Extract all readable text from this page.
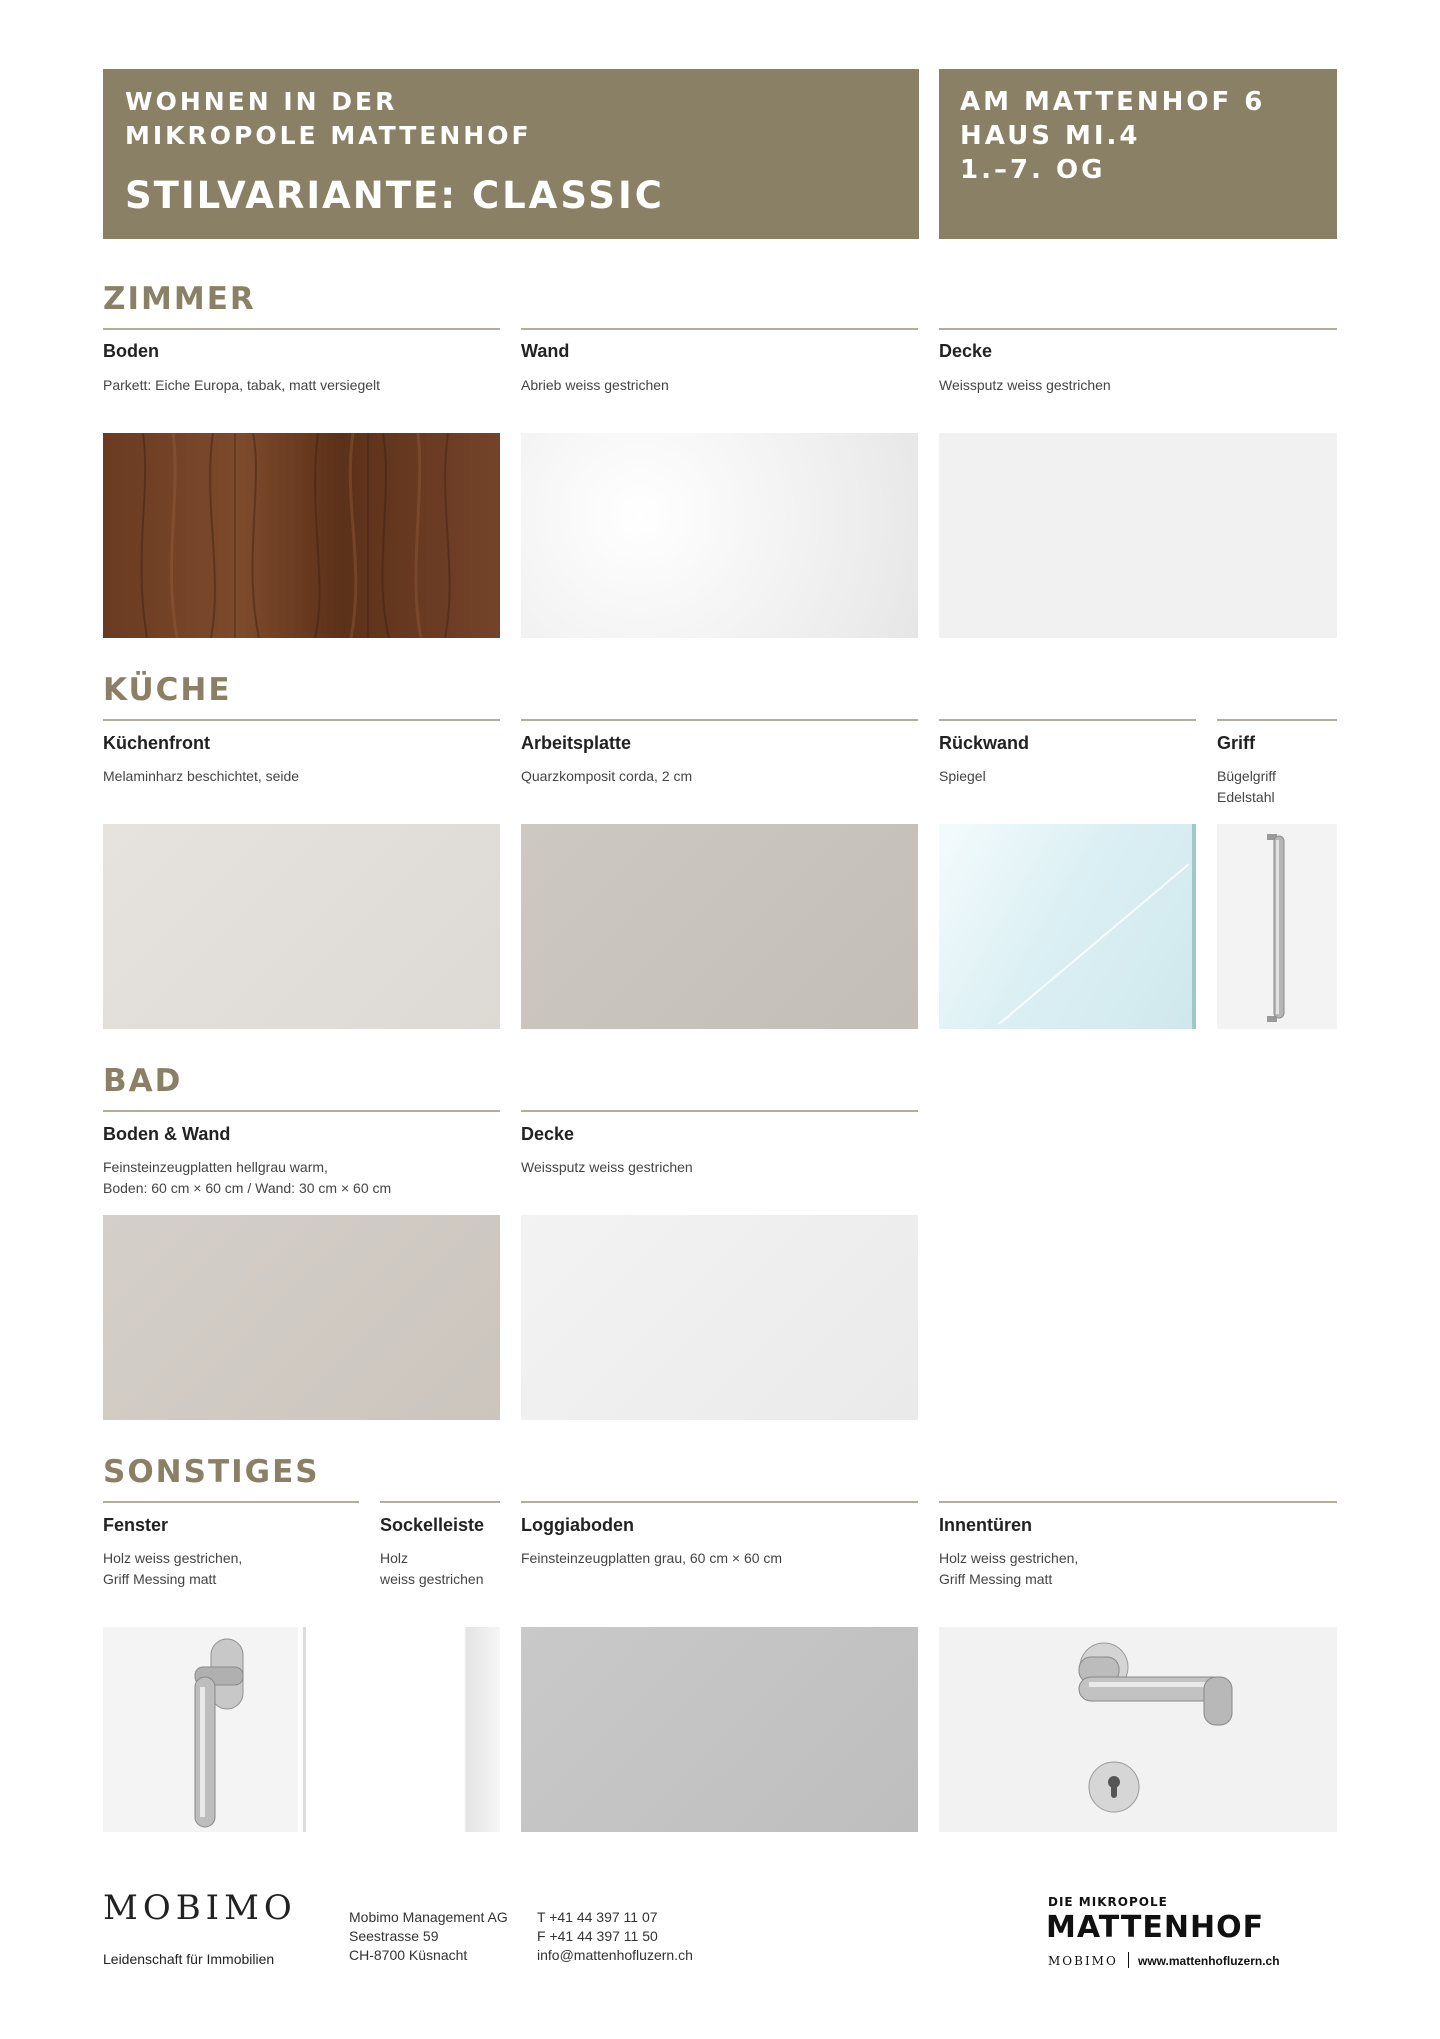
WOHNEN IN DER
MIKROPOLE MATTENHOF
STILVARIANTE: CLASSIC
AM MATTENHOF 6
HAUS MI.4
1.–7. OG
ZIMMER
Boden
Parkett: Eiche Europa, tabak, matt versiegelt
Wand
Abrieb weiss gestrichen
Decke
Weissputz weiss gestrichen
KÜCHE
Küchenfront
Melaminharz beschichtet, seide
Arbeitsplatte
Quarzkomposit corda, 2 cm
Rückwand
Spiegel
Griff
Bügelgriff
Edelstahl
BAD
Boden & Wand
Feinsteinzeugplatten hellgrau warm,
Boden: 60 cm × 60 cm / Wand: 30 cm × 60 cm
Decke
Weissputz weiss gestrichen
SONSTIGES
Fenster
Holz weiss gestrichen,
Griff Messing matt
Sockelleiste
Holz
weiss gestrichen
Loggiaboden
Feinsteinzeugplatten grau, 60 cm × 60 cm
Innentüren
Holz weiss gestrichen,
Griff Messing matt
MOBIMO
Leidenschaft für Immobilien
Mobimo Management AG
Seestrasse 59
CH-8700 Küsnacht
T +41 44 397 11 07
F +41 44 397 11 50
info@mattenhofluzern.ch
DIE MIKROPOLE
MATTENHOF
MOBIMO www.mattenhofluzern.ch
